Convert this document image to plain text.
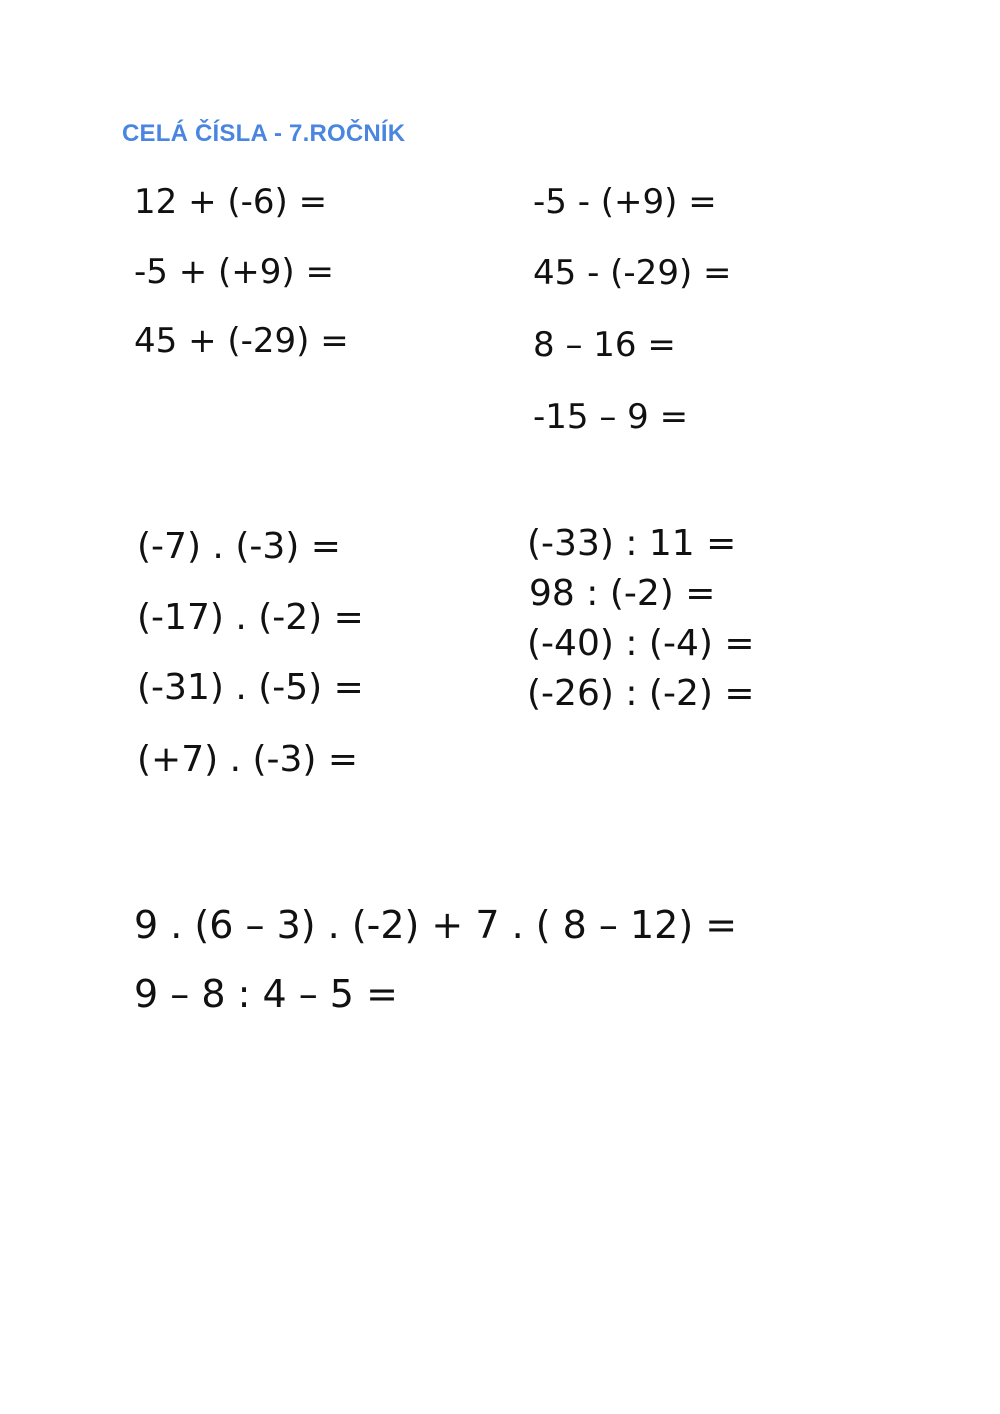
CELÁ ČÍSLA - 7.ROČNÍK
12 + (-6) =
-5 + (+9) =
45 + (-29) =
-5 - (+9) =
45 - (-29) =
8 – 16 =
-15 – 9 =
(-7) . (-3) =
(-17) . (-2) =
(-31) . (-5) =
(+7) . (-3) =
(-33) : 11 =
98 : (-2) =
(-40) : (-4) =
(-26) : (-2) =
9 . (6 – 3) . (-2) + 7 . ( 8 – 12) =
9 – 8 : 4 – 5 =
